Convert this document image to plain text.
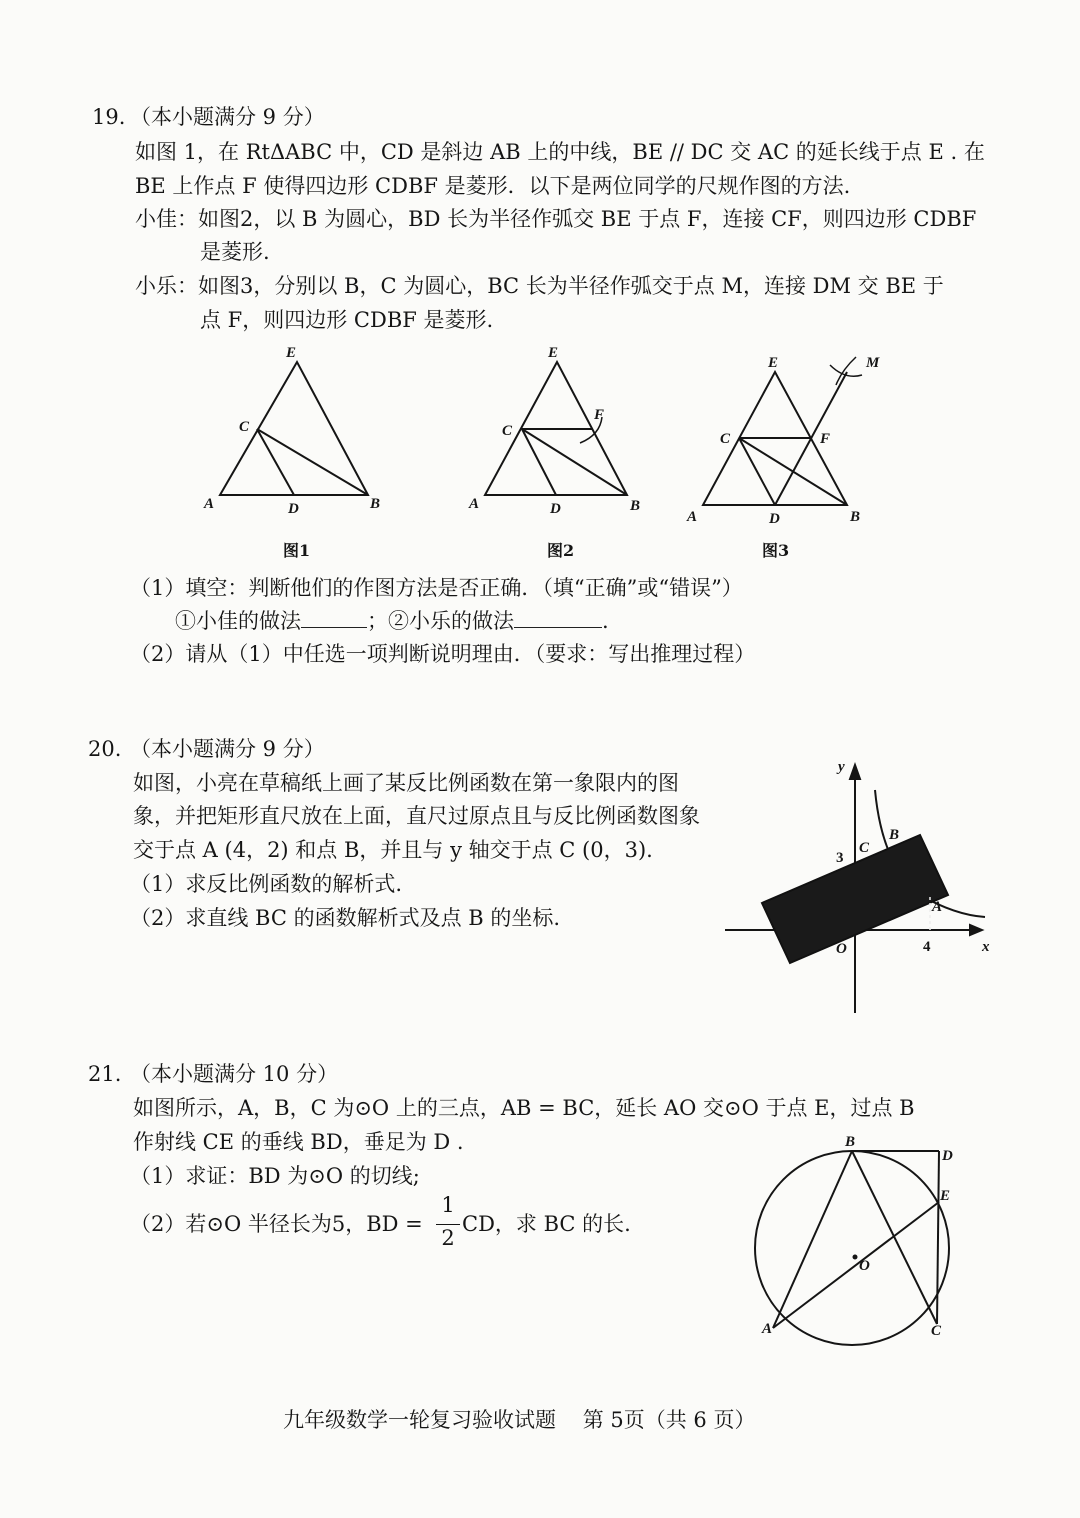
19. （本小题满分 9 分）
如图 1，在 RtΔABC 中，CD 是斜边 AB 上的中线，BE // DC 交 AC 的延长线于点 E . 在
BE 上作点 F 使得四边形 CDBF 是菱形．以下是两位同学的尺规作图的方法.
小佳：如图2，以 B 为圆心，BD 长为半径作弧交 BE 于点 F，连接 CF，则四边形 CDBF
是菱形.
小乐：如图3，分别以 B，C 为圆心，BC 长为半径作弧交于点 M，连接 DM 交 BE 于
点 F，则四边形 CDBF 是菱形.
E
C
A	D	B
E
C
F
A	D	B
E	M
C	F
A	D	B
图1	图2	图3
（1）填空：判断他们的作图方法是否正确．（填“正确”或“错误”）
①小佳的做法	；②小乐的做法	.
（2）请从（1）中任选一项判断说明理由．（要求：写出推理过程）
20. （本小题满分 9 分）
如图，小亮在草稿纸上画了某反比例函数在第一象限内的图
象，并把矩形直尺放在上面，直尺过原点且与反比例函数图象
交于点 A (4，2) 和点 B，并且与 y 轴交于点 C (0，3).
（1）求反比例函数的解析式.
（2）求直线 BC 的函数解析式及点 B 的坐标.
y
x
B
C
3
A
O	4
21. （本小题满分 10 分）
如图所示，A，B，C 为⊙O 上的三点，AB = BC，延长 AO 交⊙O 于点 E，过点 B
作射线 CE 的垂线 BD，垂足为 D .
（1）求证：BD 为⊙O 的切线;
（2）若⊙O 半径长为5，BD =
1
2
CD，求 BC 的长.
B
D
E
O
A	C
九年级数学一轮复习验收试题    第 5页（共 6 页）
